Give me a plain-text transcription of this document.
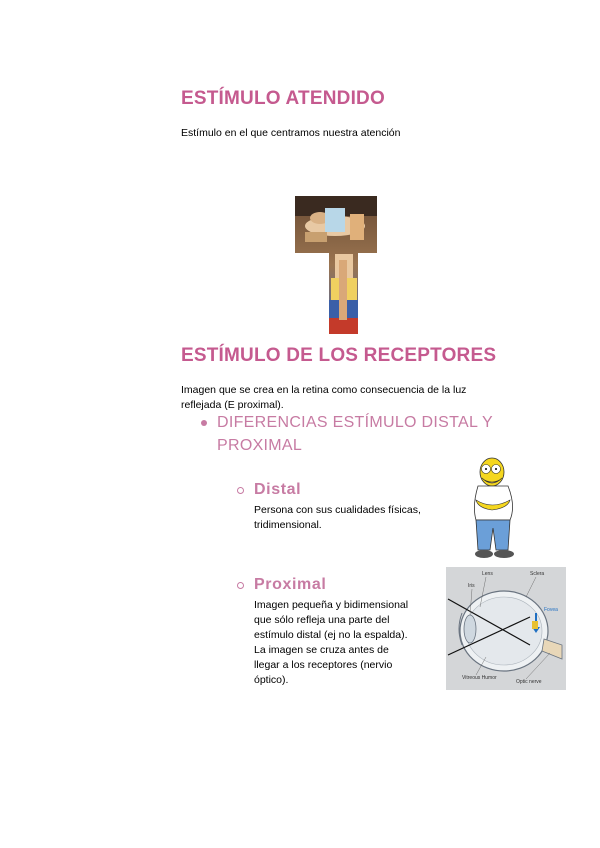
ESTÍMULO ATENDIDO
Estímulo en el que centramos nuestra atención
ESTÍMULO DE LOS RECEPTORES
Imagen que se crea en la retina como consecuencia de la luz
reflejada (E proximal).
DIFERENCIAS ESTÍMULO DISTAL Y
PROXIMAL
Distal
Persona con sus cualidades físicas,
tridimensional.
Proximal
Imagen pequeña y bidimensional
que sólo refleja una parte del
estímulo distal (ej no la espalda).
La imagen se cruza antes de
llegar a los receptores (nervio
óptico).
Lens	Sclera
Iris
Fovea
Vitreous Humor
Optic nerve
